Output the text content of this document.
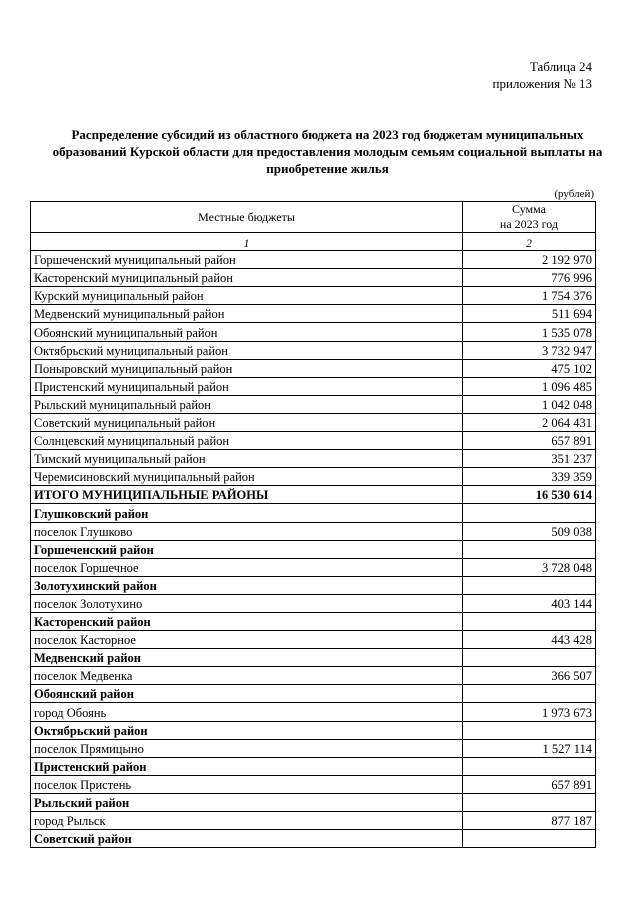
Таблица 24
приложения № 13
Распределение субсидий из областного бюджета на 2023 год бюджетам муниципальных образований Курской области для предоставления молодым семьям социальной выплаты на приобретение жилья
(рублей)
Местные бюджеты	Сумма
на 2023 год
1	2
Горшеченский муниципальный район	2 192 970
Касторенский муниципальный район	776 996
Курский муниципальный район	1 754 376
Медвенский муниципальный район	511 694
Обоянский муниципальный район	1 535 078
Октябрьский муниципальный район	3 732 947
Поныровский муниципальный район	475 102
Пристенский муниципальный район	1 096 485
Рыльский муниципальный район	1 042 048
Советский муниципальный район	2 064 431
Солнцевский муниципальный район	657 891
Тимский муниципальный район	351 237
Черемисиновский муниципальный район	339 359
ИТОГО МУНИЦИПАЛЬНЫЕ РАЙОНЫ	16 530 614
Глушковский район	
поселок Глушково	509 038
Горшеченский район	
поселок Горшечное	3 728 048
Золотухинский район	
поселок Золотухино	403 144
Касторенский район	
поселок Касторное	443 428
Медвенский район	
поселок Медвенка	366 507
Обоянский район	
город Обоянь	1 973 673
Октябрьский район	
поселок Прямицыно	1 527 114
Пристенский район	
поселок Пристень	657 891
Рыльский район	
город Рыльск	877 187
Советский район	
